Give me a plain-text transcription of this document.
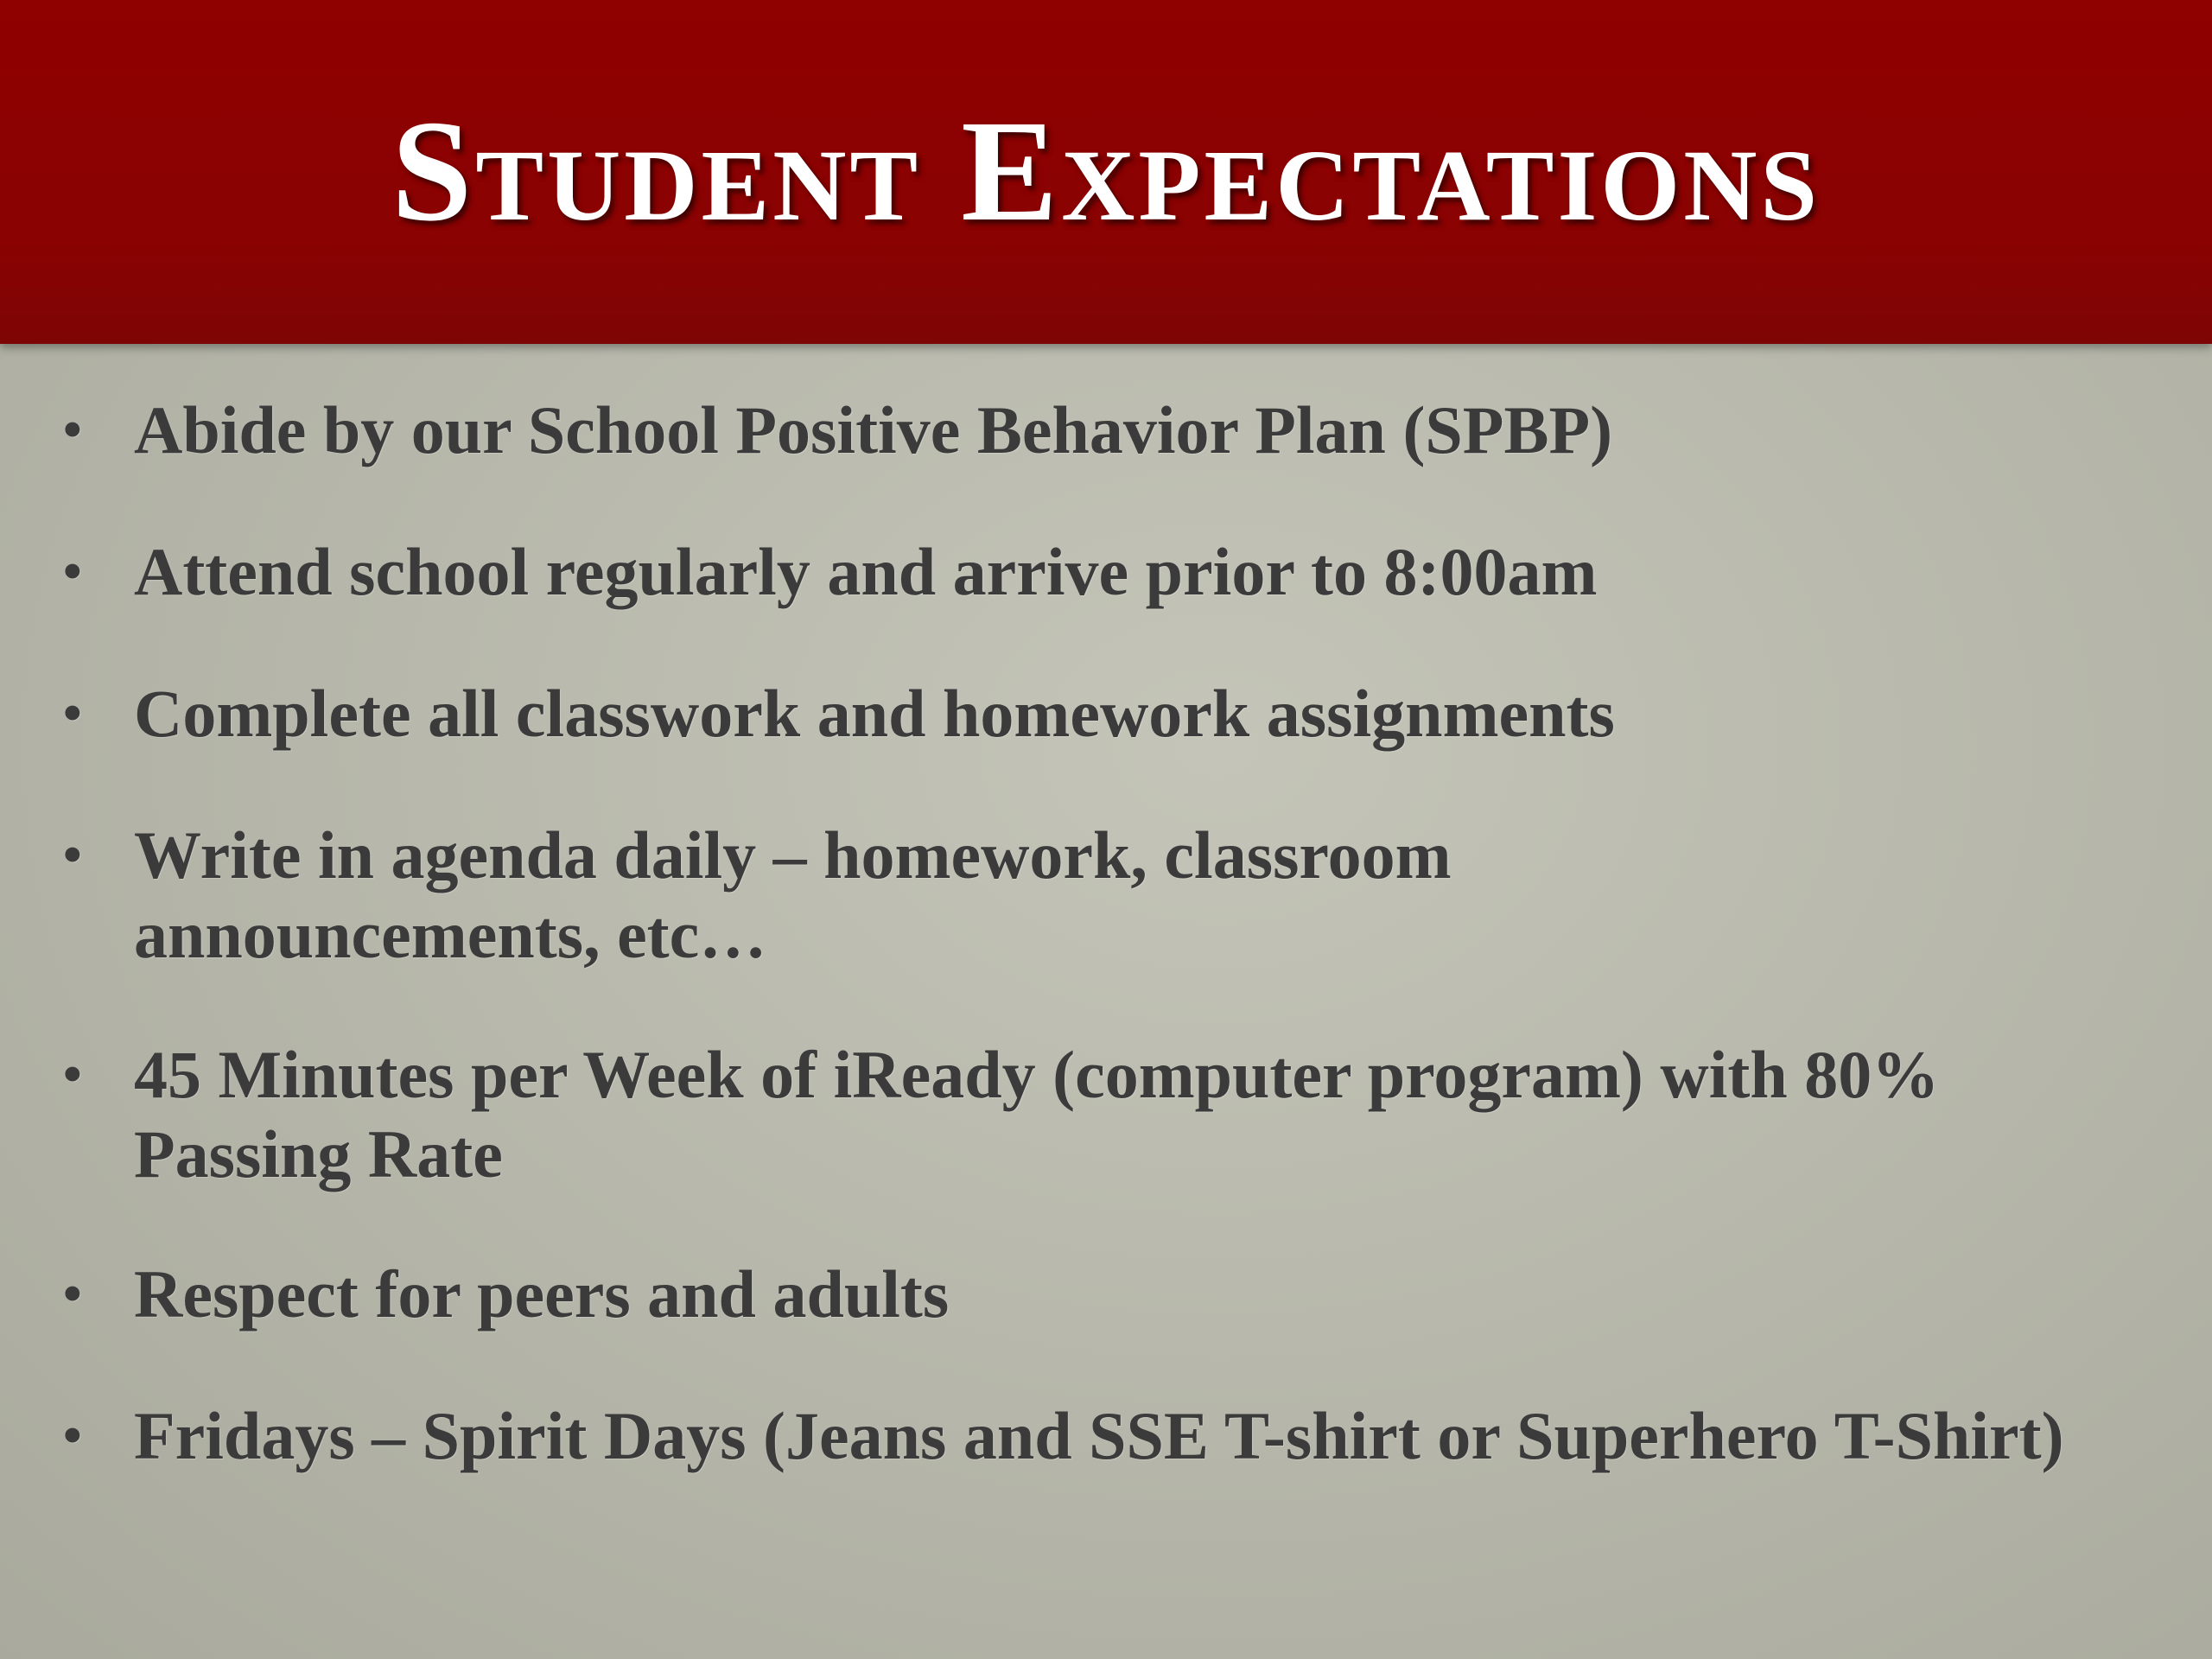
Student Expectations
• Abide by our School Positive Behavior Plan (SPBP)
• Attend school regularly and arrive prior to 8:00am
• Complete all classwork and homework assignments
• Write in agenda daily – homework, classroom announcements, etc…
• 45 Minutes per Week of iReady (computer program) with 80% Passing Rate
• Respect for peers and adults
• Fridays – Spirit Days (Jeans and SSE T-shirt or Superhero T-Shirt)
